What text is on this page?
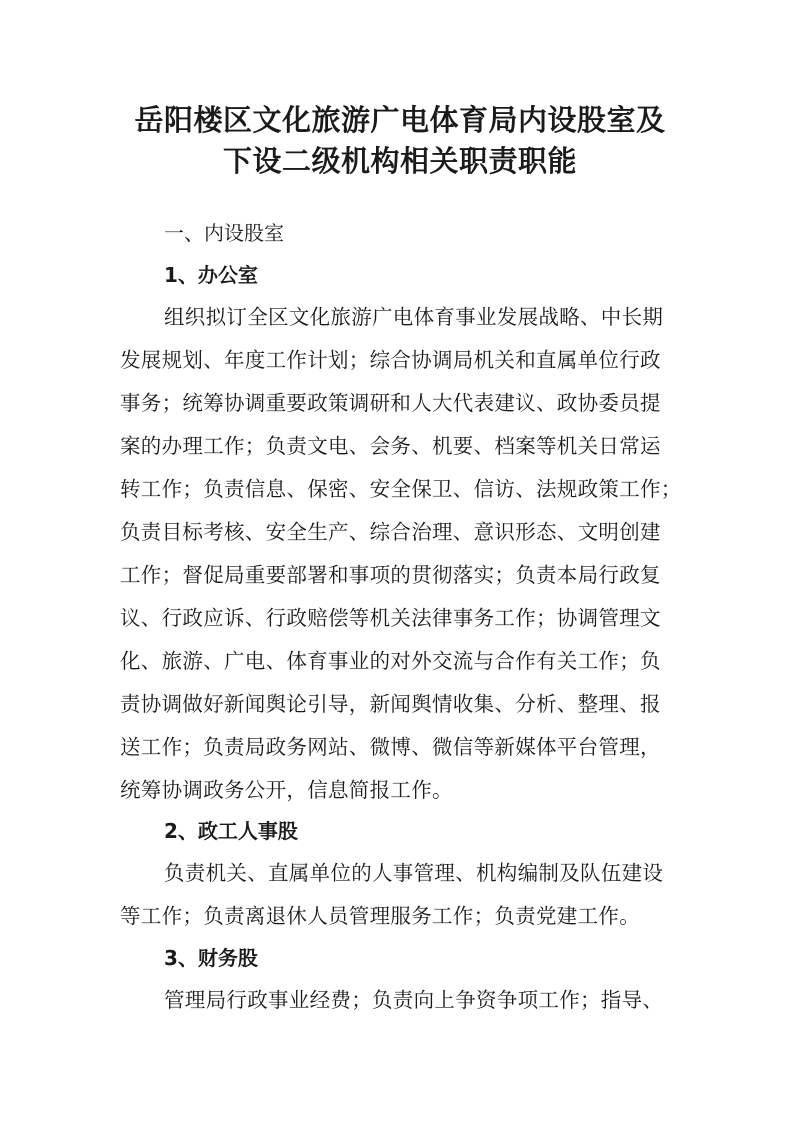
岳阳楼区文化旅游广电体育局内设股室及
下设二级机构相关职责职能
一、内设股室
1、办公室
组织拟订全区文化旅游广电体育事业发展战略、中长期
发展规划、年度工作计划；综合协调局机关和直属单位行政
事务；统筹协调重要政策调研和人大代表建议、政协委员提
案的办理工作；负责文电、会务、机要、档案等机关日常运
转工作；负责信息、保密、安全保卫、信访、法规政策工作；
负责目标考核、安全生产、综合治理、意识形态、文明创建
工作；督促局重要部署和事项的贯彻落实；负责本局行政复
议、行政应诉、行政赔偿等机关法律事务工作；协调管理文
化、旅游、广电、体育事业的对外交流与合作有关工作；负
责协调做好新闻舆论引导，新闻舆情收集、分析、整理、报
送工作；负责局政务网站、微博、微信等新媒体平台管理，
统筹协调政务公开，信息简报工作。
2、政工人事股
负责机关、直属单位的人事管理、机构编制及队伍建设
等工作；负责离退休人员管理服务工作；负责党建工作。
3、财务股
管理局行政事业经费；负责向上争资争项工作；指导、
